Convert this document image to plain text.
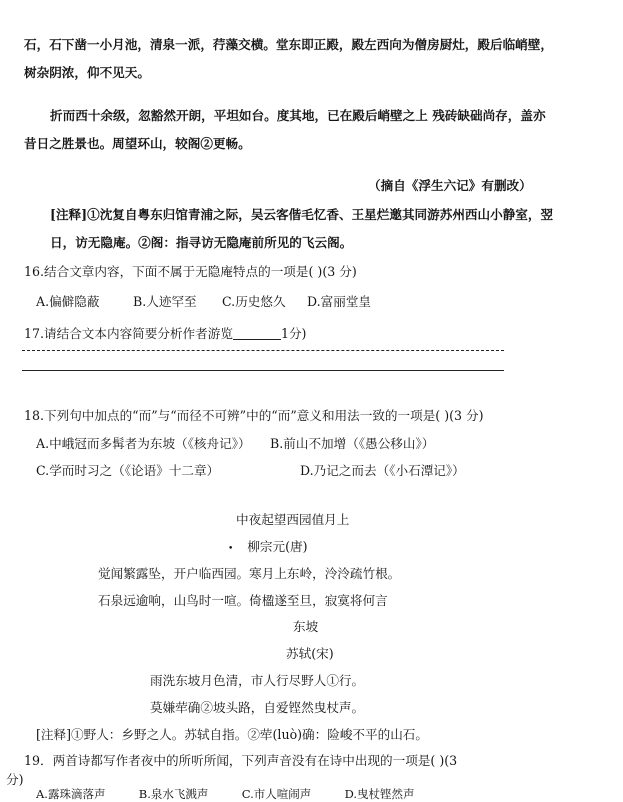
石，石下凿一小月池，清泉一派，荇藻交横。堂东即正殿，殿左西向为僧房厨灶，殿后临峭壁，
树杂阴浓，仰不见天。
折而西十余级，忽豁然开朗，平坦如台。度其地，已在殿后峭壁之上 残砖缺础尚存，盖亦
昔日之胜景也。周望环山，较阁②更畅。
（摘自《浮生六记》有删改）
[注释]①沈复自粤东归馆青浦之际，吴云客偕毛忆香、王星烂邀其同游苏州西山小静室，翌
日，访无隐庵。②阁：指寻访无隐庵前所见的飞云阁。
16.结合文章内容，下面不属于无隐庵特点的一项是( )(3 分)
A.偏僻隐蔽	B.人迹罕至 C.历史悠久 D.富丽堂皇
17.请结合文本内容简要分析作者游览	1分)
18.下列句中加点的“而”与“而径不可辨”中的“而”意义和用法一致的一项是( )(3 分)
A.中峨冠而多髯者为东坡（《核舟记》） B.前山不加增（《愚公移山》）
C.学而时习之（《论语》十二章）	D.乃记之而去（《小石潭记》）
中夜起望西园值月上
• 柳宗元(唐)
觉闻繁露坠，开户临西园。寒月上东岭，泠泠疏竹根。
石泉远逾响，山鸟时一喧。倚楹遂至旦，寂寞将何言
东坡
苏轼(宋)
雨洗东坡月色清，市人行尽野人①行。
莫嫌荦确②坡头路，自爱铿然曳杖声。
[注释]①野人：乡野之人。苏轼自指。②荦(luò)确：险峻不平的山石。
19．两首诗都写作者夜中的所听所闻，下列声音没有在诗中出现的一项是( )(3
分)
A.露珠滴落声	B.泉水飞溅声	C.市人喧闹声	D.曳杖铿然声
